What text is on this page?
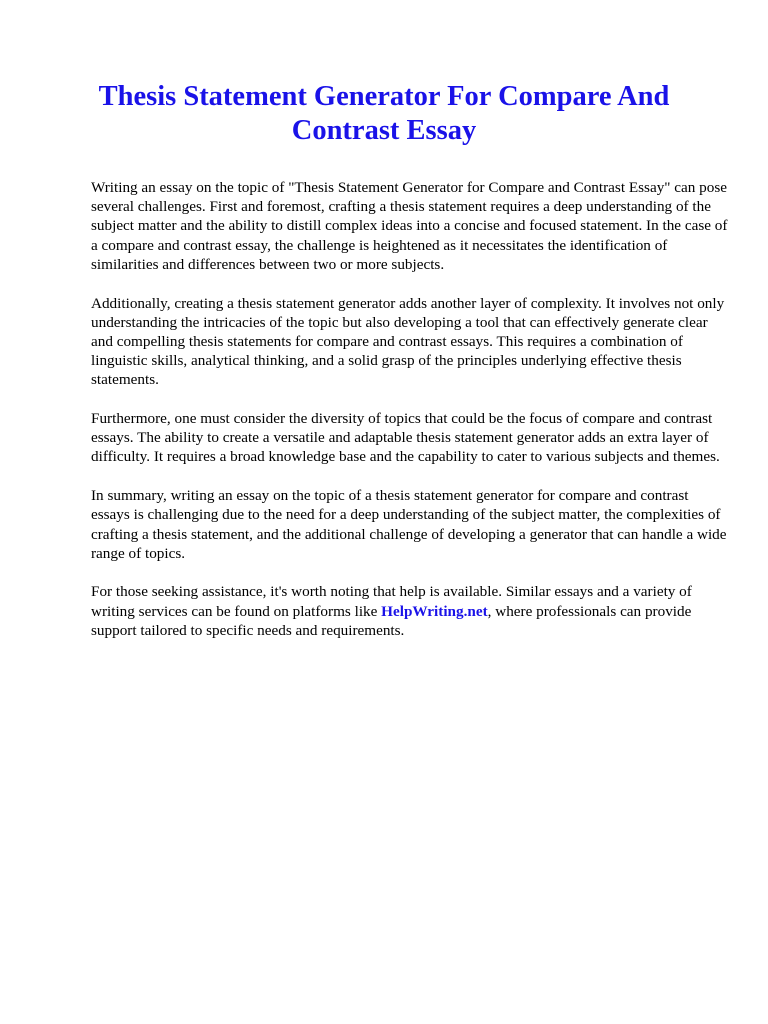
Thesis Statement Generator For Compare And Contrast Essay

Writing an essay on the topic of "Thesis Statement Generator for Compare and Contrast Essay" can pose several challenges. First and foremost, crafting a thesis statement requires a deep understanding of the subject matter and the ability to distill complex ideas into a concise and focused statement. In the case of a compare and contrast essay, the challenge is heightened as it necessitates the identification of similarities and differences between two or more subjects.

Additionally, creating a thesis statement generator adds another layer of complexity. It involves not only understanding the intricacies of the topic but also developing a tool that can effectively generate clear and compelling thesis statements for compare and contrast essays. This requires a combination of linguistic skills, analytical thinking, and a solid grasp of the principles underlying effective thesis statements.

Furthermore, one must consider the diversity of topics that could be the focus of compare and contrast essays. The ability to create a versatile and adaptable thesis statement generator adds an extra layer of difficulty. It requires a broad knowledge base and the capability to cater to various subjects and themes.

In summary, writing an essay on the topic of a thesis statement generator for compare and contrast essays is challenging due to the need for a deep understanding of the subject matter, the complexities of crafting a thesis statement, and the additional challenge of developing a generator that can handle a wide range of topics.

For those seeking assistance, it's worth noting that help is available. Similar essays and a variety of writing services can be found on platforms like HelpWriting.net, where professionals can provide support tailored to specific needs and requirements.
